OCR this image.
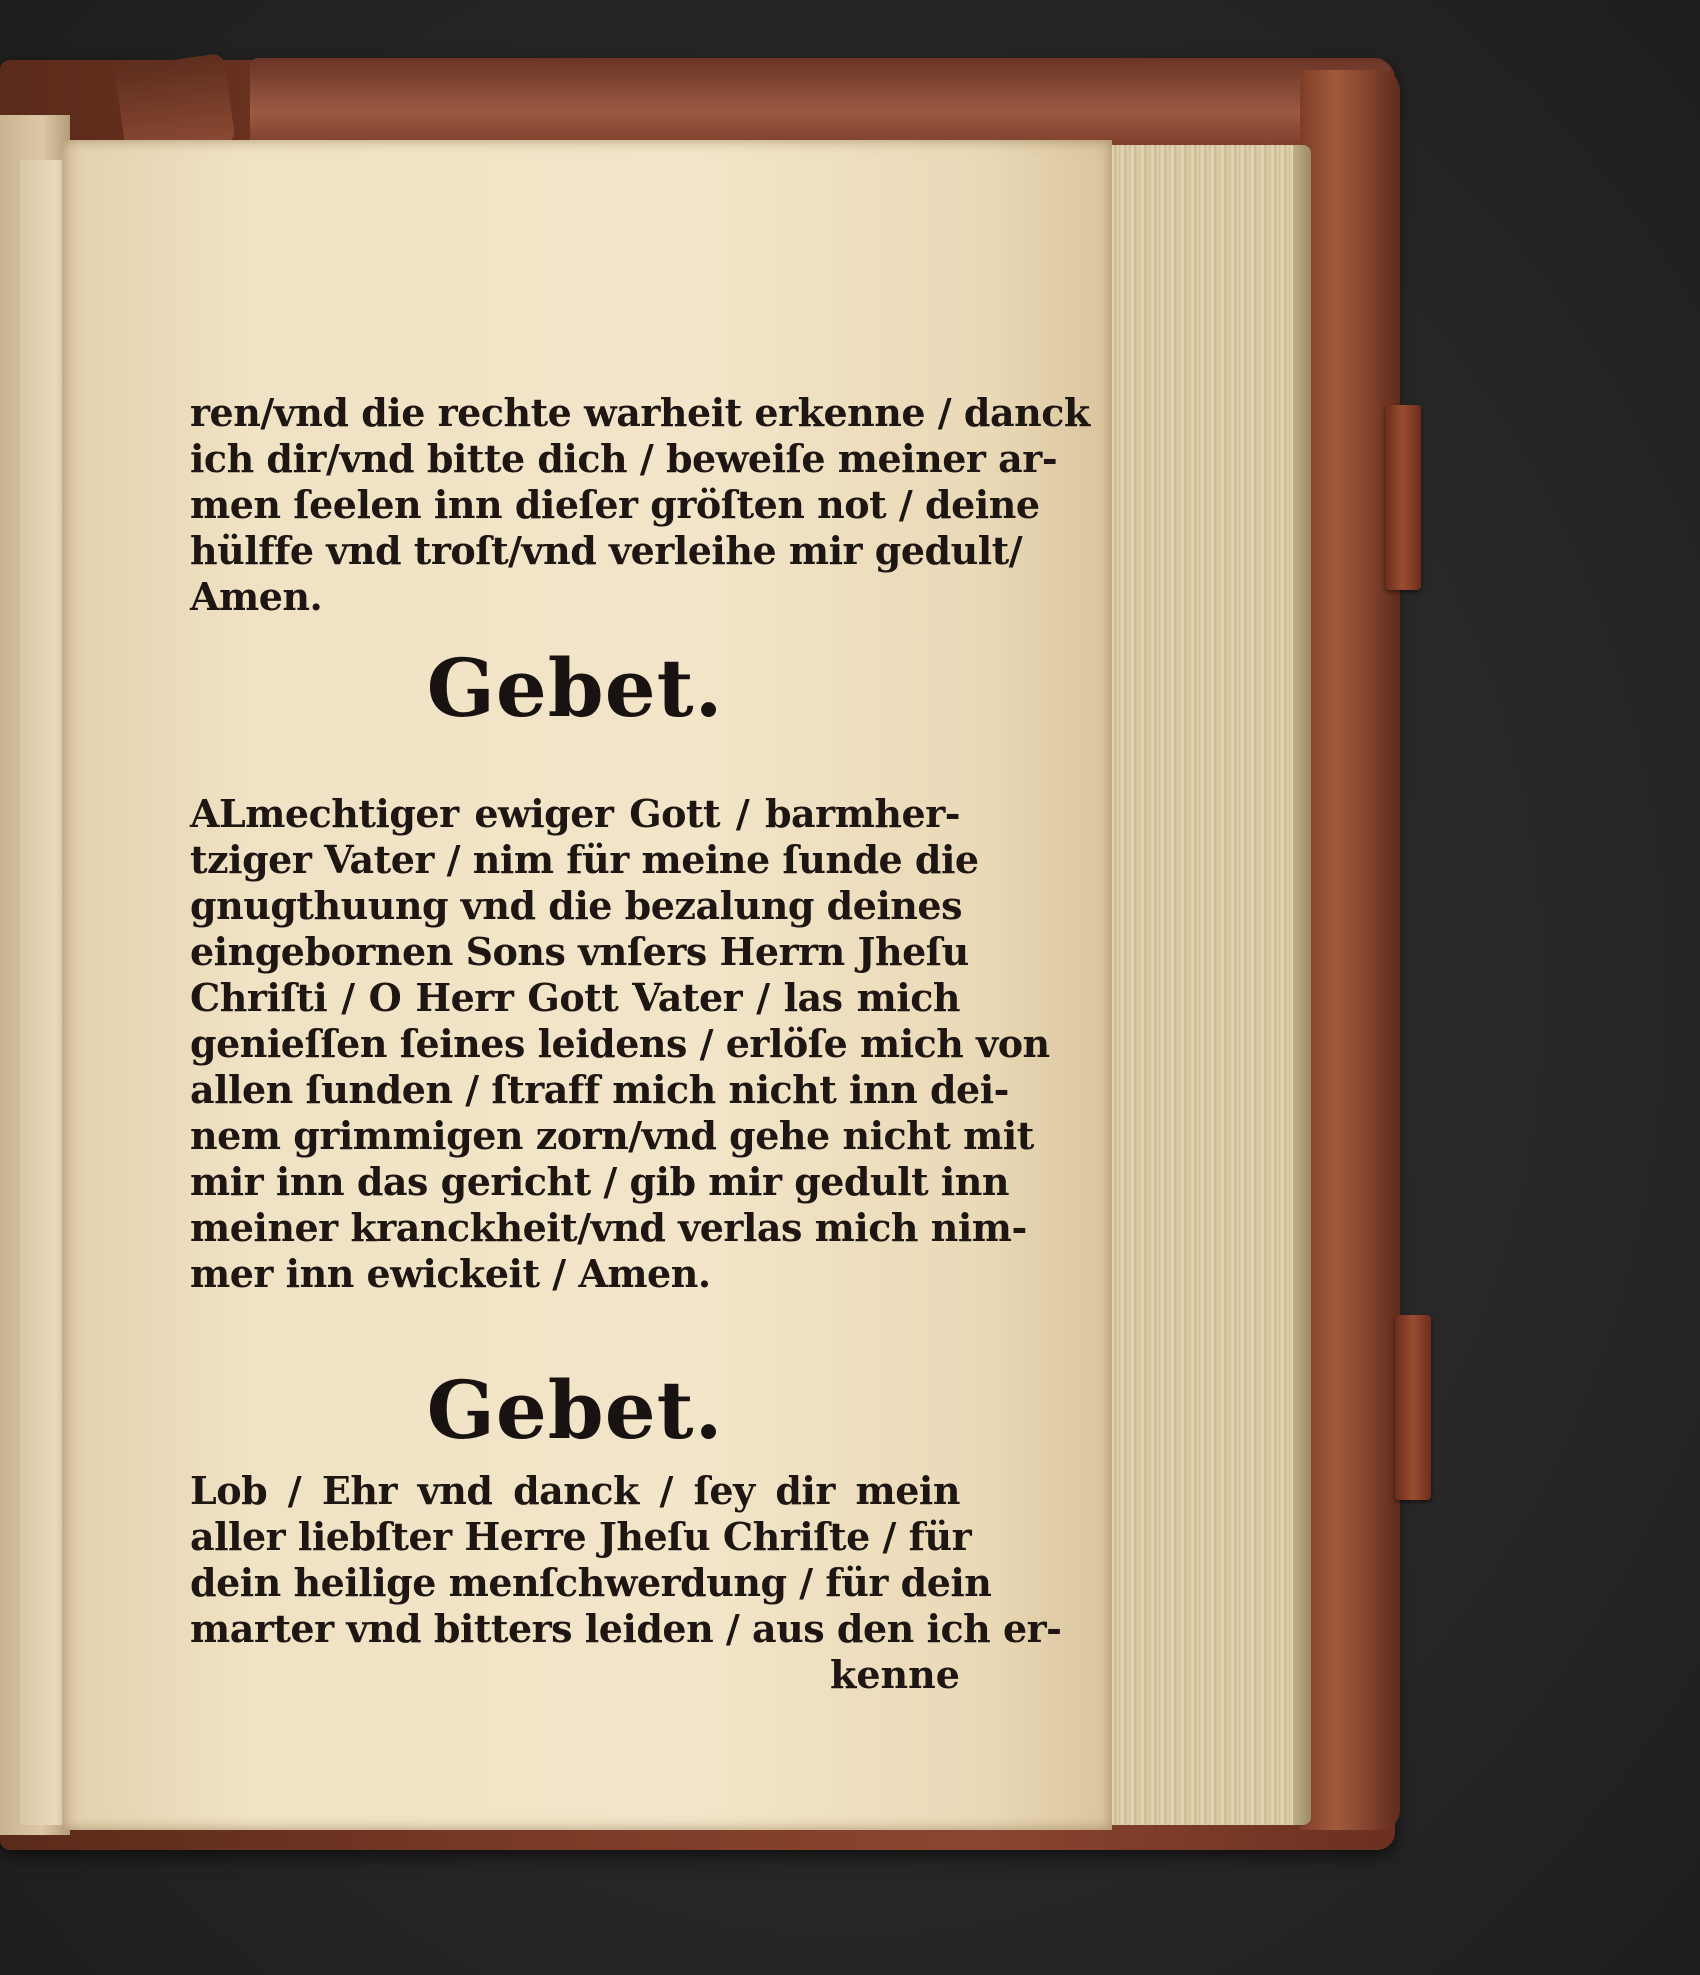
ren/vnd die rechte warheit erkenne / danck
ich dir/vnd bitte dich / beweiſe meiner ar-
men ſeelen inn dieſer gröſten not / deine
hülffe vnd troſt/vnd verleihe mir gedult/
Amen.
Gebet.
ALmechtiger ewiger Gott / barmher-
tziger Vater / nim für meine ſunde die
gnugthuung vnd die bezalung deines
eingebornen Sons vnſers Herrn Jheſu
Chriſti / O Herr Gott Vater / las mich
genieſſen ſeines leidens / erlöſe mich von
allen ſunden / ſtraff mich nicht inn dei-
nem grimmigen zorn/vnd gehe nicht mit
mir inn das gericht / gib mir gedult inn
meiner kranckheit/vnd verlas mich nim-
mer inn ewickeit / Amen.
Gebet.
Lob / Ehr vnd danck / ſey dir mein
aller liebſter Herre Jheſu Chriſte / für
dein heilige menſchwerdung / für dein
marter vnd bitters leiden / aus den ich er-
kenne
